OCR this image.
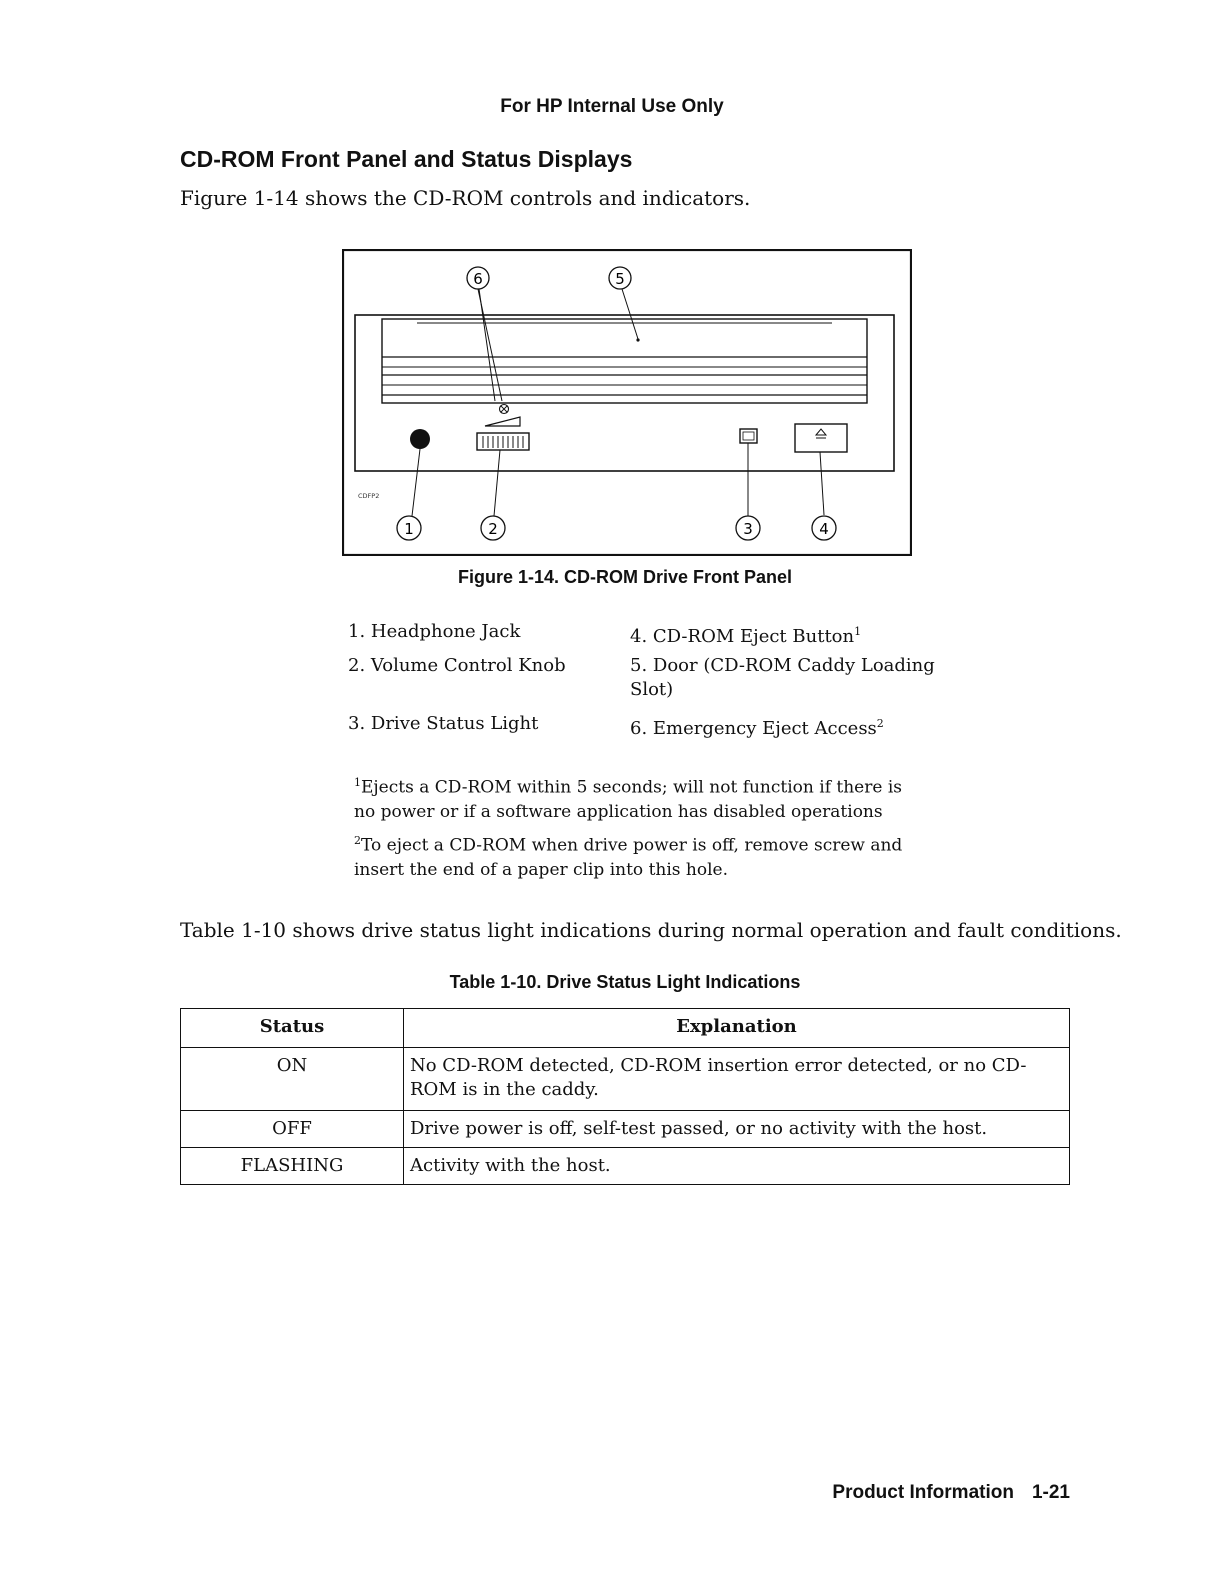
For HP Internal Use Only
CD-ROM Front Panel and Status Displays
Figure 1-14 shows the CD-ROM controls and indicators.
CDFP2
6	5
1	2	3	4
Figure 1-14. CD-ROM Drive Front Panel
1. Headphone Jack
2. Volume Control Knob
3. Drive Status Light
4. CD-ROM Eject Button$^1$
5. Door (CD-ROM Caddy Loading
Slot)
6. Emergency Eject Access$^2$
$^1$Ejects a CD-ROM within 5 seconds; will not function if there is
no power or if a software application has disabled operations
$^2$To eject a CD-ROM when drive power is off, remove screw and
insert the end of a paper clip into this hole.
Table 1-10 shows drive status light indications during normal operation and fault conditions.
Table 1-10. Drive Status Light Indications
Status	Explanation
ON	No CD-ROM detected, CD-ROM insertion error detected, or no CD-ROM is in the caddy.
OFF	Drive power is off, self-test passed, or no activity with the host.
FLASHING	Activity with the host.
Product Information 1-21
